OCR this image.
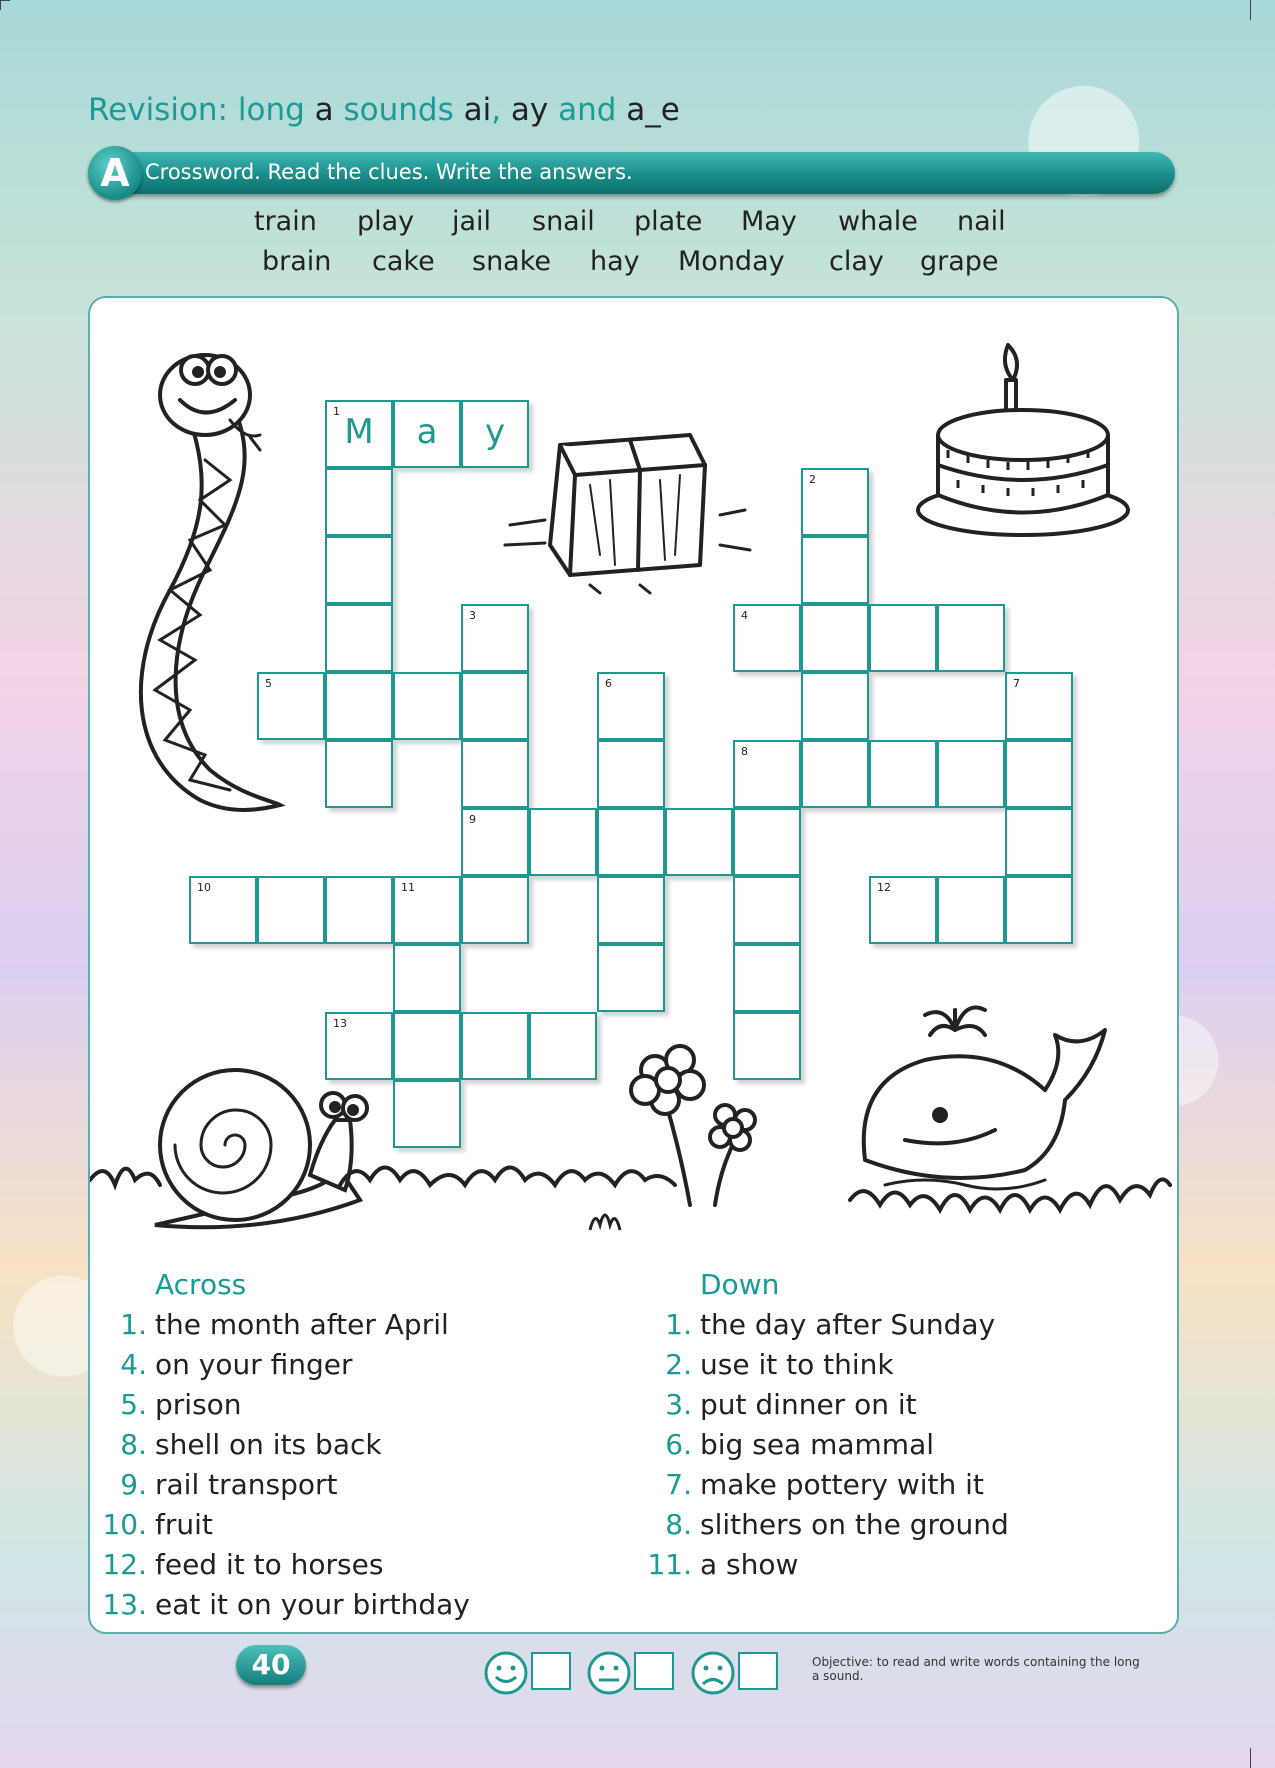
Revision: long a sounds ai, ay and a_e
A Crossword. Read the clues. Write the answers.
train play jail snail plate May whale nail
brain cake snake hay Monday clay grape
Across	Down
1. the month after April
4. on your finger
5. prison
8. shell on its back
9. rail transport
10. fruit
12. feed it to horses
13. eat it on your birthday
1. the day after Sunday
2. use it to think
3. put dinner on it
6. big sea mammal
7. make pottery with it
8. slithers on the ground
11. a show
40	Objective: to read and write words containing the long a sound.
1
M	a	y
2
3	4
5	6	7
8
9
10	11	12
13
